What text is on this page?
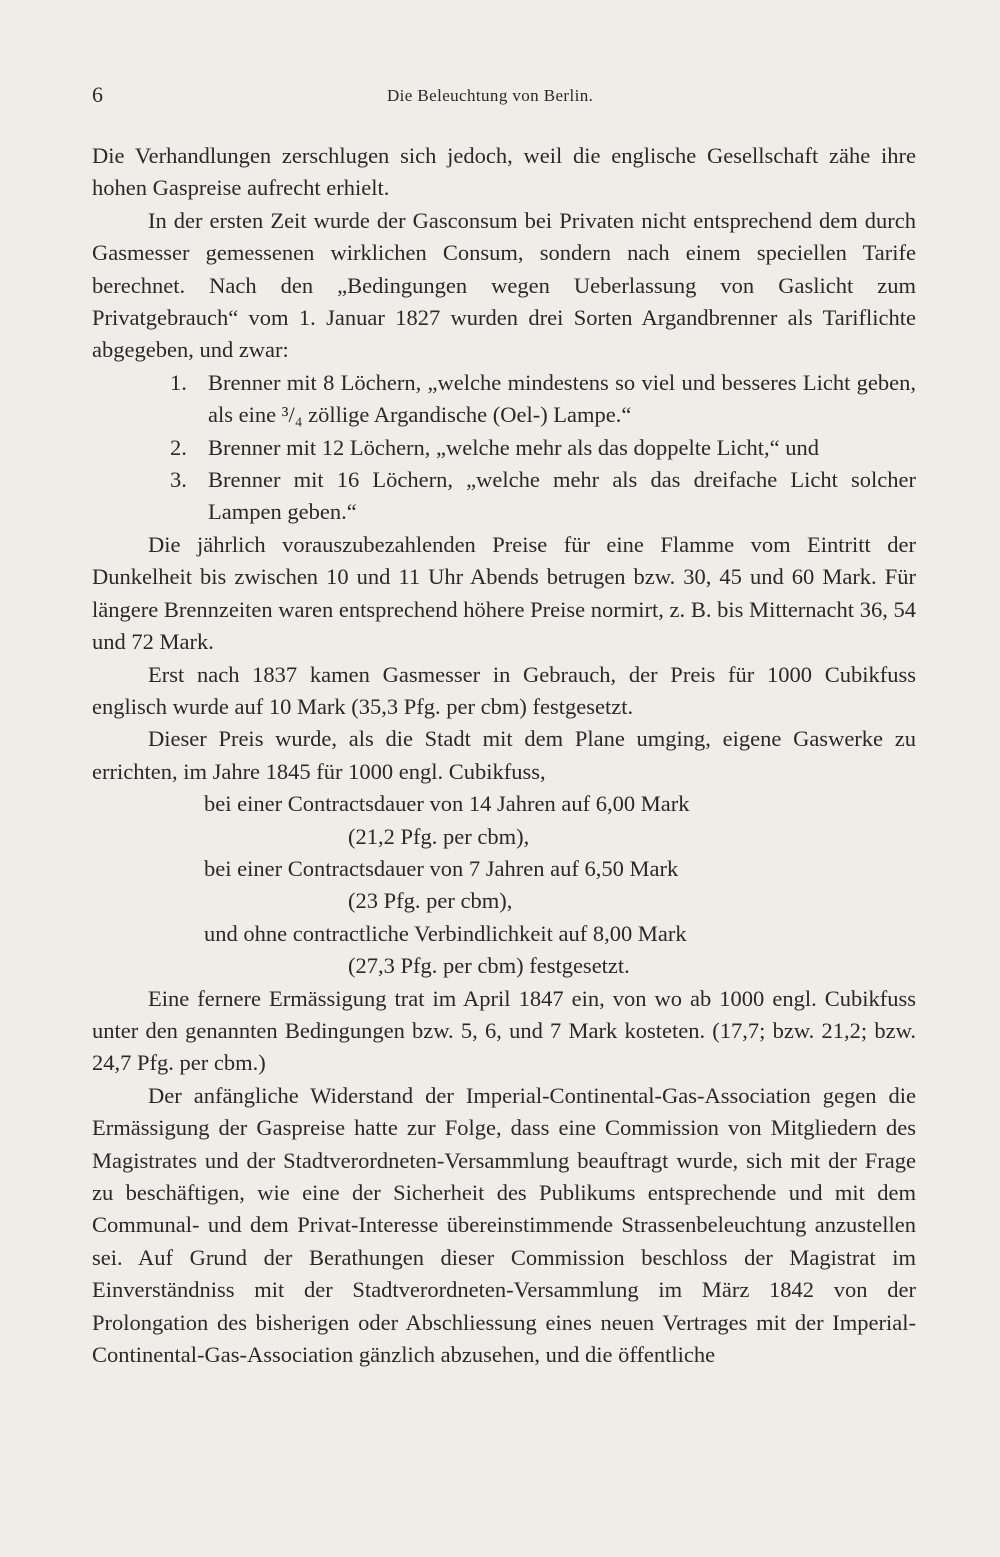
6	Die Beleuchtung von Berlin.

Die Verhandlungen zerschlugen sich jedoch, weil die englische Gesellschaft zähe ihre hohen Gaspreise aufrecht erhielt.

In der ersten Zeit wurde der Gasconsum bei Privaten nicht entsprechend dem durch Gasmesser gemessenen wirklichen Consum, sondern nach einem speciellen Tarife berechnet. Nach den „Bedingungen wegen Ueberlassung von Gaslicht zum Privatgebrauch“ vom 1. Januar 1827 wurden drei Sorten Argandbrenner als Tariflichte abgegeben, und zwar:

1. Brenner mit 8 Löchern, „welche mindestens so viel und besseres Licht geben, als eine ³/₄ zöllige Argandische (Oel-) Lampe.“
2. Brenner mit 12 Löchern, „welche mehr als das doppelte Licht,“ und
3. Brenner mit 16 Löchern, „welche mehr als das dreifache Licht solcher Lampen geben.“

Die jährlich vorauszubezahlenden Preise für eine Flamme vom Eintritt der Dunkelheit bis zwischen 10 und 11 Uhr Abends betrugen bzw. 30, 45 und 60 Mark. Für längere Brennzeiten waren entsprechend höhere Preise normirt, z. B. bis Mitternacht 36, 54 und 72 Mark.

Erst nach 1837 kamen Gasmesser in Gebrauch, der Preis für 1000 Cubikfuss englisch wurde auf 10 Mark (35,3 Pfg. per cbm) festgesetzt.

Dieser Preis wurde, als die Stadt mit dem Plane umging, eigene Gaswerke zu errichten, im Jahre 1845 für 1000 engl. Cubikfuss,

bei einer Contractsdauer von 14 Jahren auf 6,00 Mark
(21,2 Pfg. per cbm),
bei einer Contractsdauer von 7 Jahren auf 6,50 Mark
(23 Pfg. per cbm),
und ohne contractliche Verbindlichkeit auf 8,00 Mark
(27,3 Pfg. per cbm) festgesetzt.

Eine fernere Ermässigung trat im April 1847 ein, von wo ab 1000 engl. Cubikfuss unter den genannten Bedingungen bzw. 5, 6, und 7 Mark kosteten. (17,7; bzw. 21,2; bzw. 24,7 Pfg. per cbm.)

Der anfängliche Widerstand der Imperial-Continental-Gas-Association gegen die Ermässigung der Gaspreise hatte zur Folge, dass eine Commission von Mitgliedern des Magistrates und der Stadtverordneten-Versammlung beauftragt wurde, sich mit der Frage zu beschäftigen, wie eine der Sicherheit des Publikums entsprechende und mit dem Communal- und dem Privat-Interesse übereinstimmende Strassenbeleuchtung anzustellen sei. Auf Grund der Berathungen dieser Commission beschloss der Magistrat im Einverständniss mit der Stadtverordneten-Versammlung im März 1842 von der Prolongation des bisherigen oder Abschliessung eines neuen Vertrages mit der Imperial-Continental-Gas-Association gänzlich abzusehen, und die öffentliche
